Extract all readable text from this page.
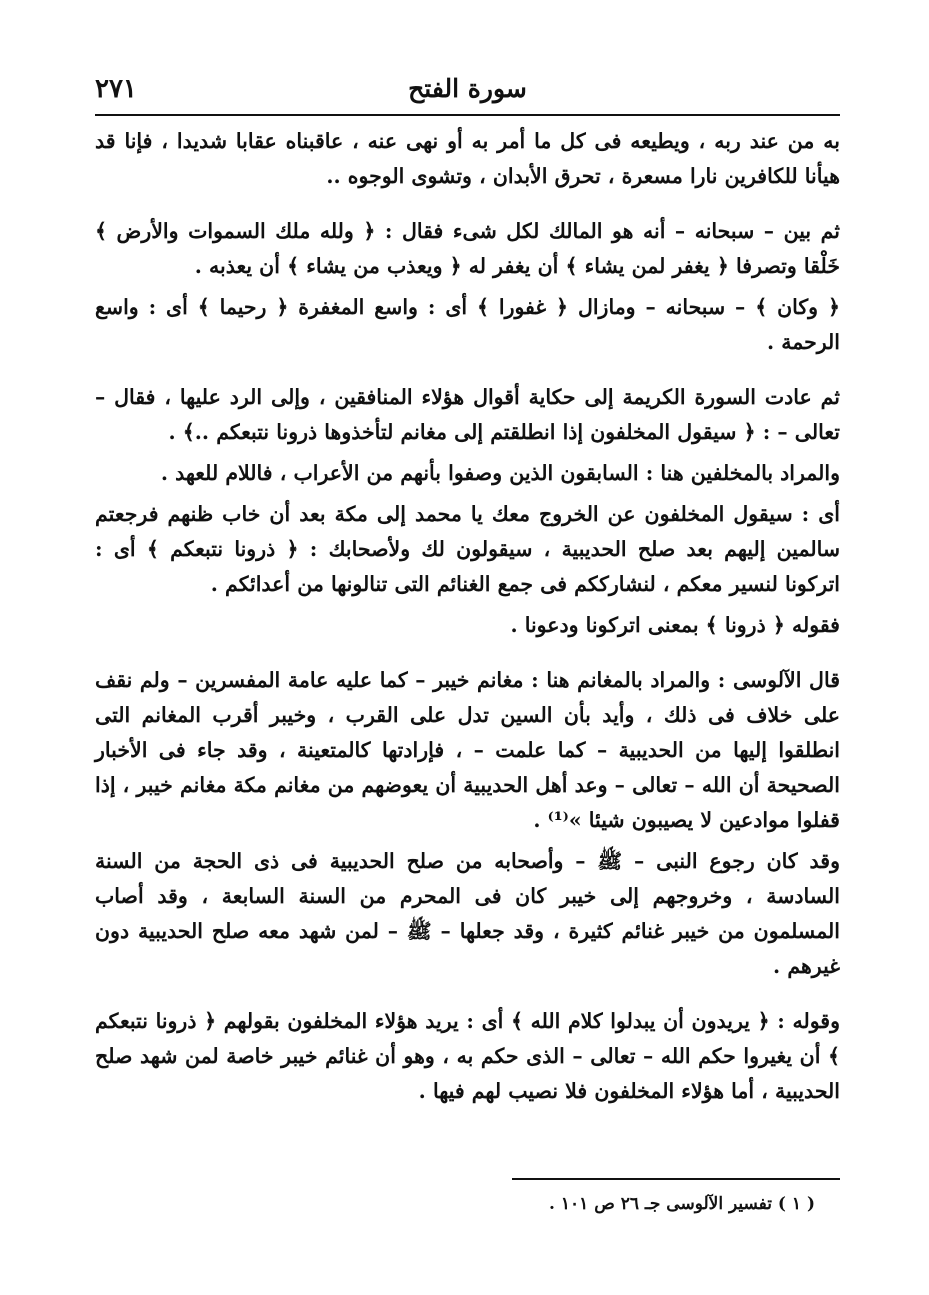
٢٧١	سورة الفتح

به من عند ربه ، ويطيعه فى كل ما أمر به أو نهى عنه ، عاقبناه عقابا شديدا ، فإنا قد هيأنا للكافرين نارا مسعرة ، تحرق الأبدان ، وتشوى الوجوه ..

ثم بين – سبحانه – أنه هو المالك لكل شىء فقال : ﴿ ولله ملك السموات والأرض ﴾ خَلْقا وتصرفا ﴿ يغفر لمن يشاء ﴾ أن يغفر له ﴿ ويعذب من يشاء ﴾ أن يعذبه .

﴿ وكان ﴾ – سبحانه – ومازال ﴿ غفورا ﴾ أى : واسع المغفرة ﴿ رحيما ﴾ أى : واسع الرحمة .

ثم عادت السورة الكريمة إلى حكاية أقوال هؤلاء المنافقين ، وإلى الرد عليها ، فقال – تعالى – : ﴿ سيقول المخلفون إذا انطلقتم إلى مغانم لتأخذوها ذرونا نتبعكم ..﴾ .

والمراد بالمخلفين هنا : السابقون الذين وصفوا بأنهم من الأعراب ، فاللام للعهد .

أى : سيقول المخلفون عن الخروج معك يا محمد إلى مكة بعد أن خاب ظنهم فرجعتم سالمين إليهم بعد صلح الحديبية ، سيقولون لك ولأصحابك : ﴿ ذرونا نتبعكم ﴾ أى : اتركونا لنسير معكم ، لنشارككم فى جمع الغنائم التى تنالونها من أعدائكم .

فقوله ﴿ ذرونا ﴾ بمعنى اتركونا ودعونا .

قال الآلوسى : والمراد بالمغانم هنا : مغانم خيبر – كما عليه عامة المفسرين – ولم نقف على خلاف فى ذلك ، وأيد بأن السين تدل على القرب ، وخيبر أقرب المغانم التى انطلقوا إليها من الحديبية – كما علمت – ، فإرادتها كالمتعينة ، وقد جاء فى الأخبار الصحيحة أن الله – تعالى – وعد أهل الحديبية أن يعوضهم من مغانم مكة مغانم خيبر ، إذا قفلوا موادعين لا يصيبون شيئا »⁽¹⁾ .

وقد كان رجوع النبى – ﷺ – وأصحابه من صلح الحديبية فى ذى الحجة من السنة السادسة ، وخروجهم إلى خيبر كان فى المحرم من السنة السابعة ، وقد أصاب المسلمون من خيبر غنائم كثيرة ، وقد جعلها – ﷺ – لمن شهد معه صلح الحديبية دون غيرهم .

وقوله : ﴿ يريدون أن يبدلوا كلام الله ﴾ أى : يريد هؤلاء المخلفون بقولهم ﴿ ذرونا نتبعكم ﴾ أن يغيروا حكم الله – تعالى – الذى حكم به ، وهو أن غنائم خيبر خاصة لمن شهد صلح الحديبية ، أما هؤلاء المخلفون فلا نصيب لهم فيها .

( ١ ) تفسير الآلوسى جـ ٢٦ ص ١٠١ .
